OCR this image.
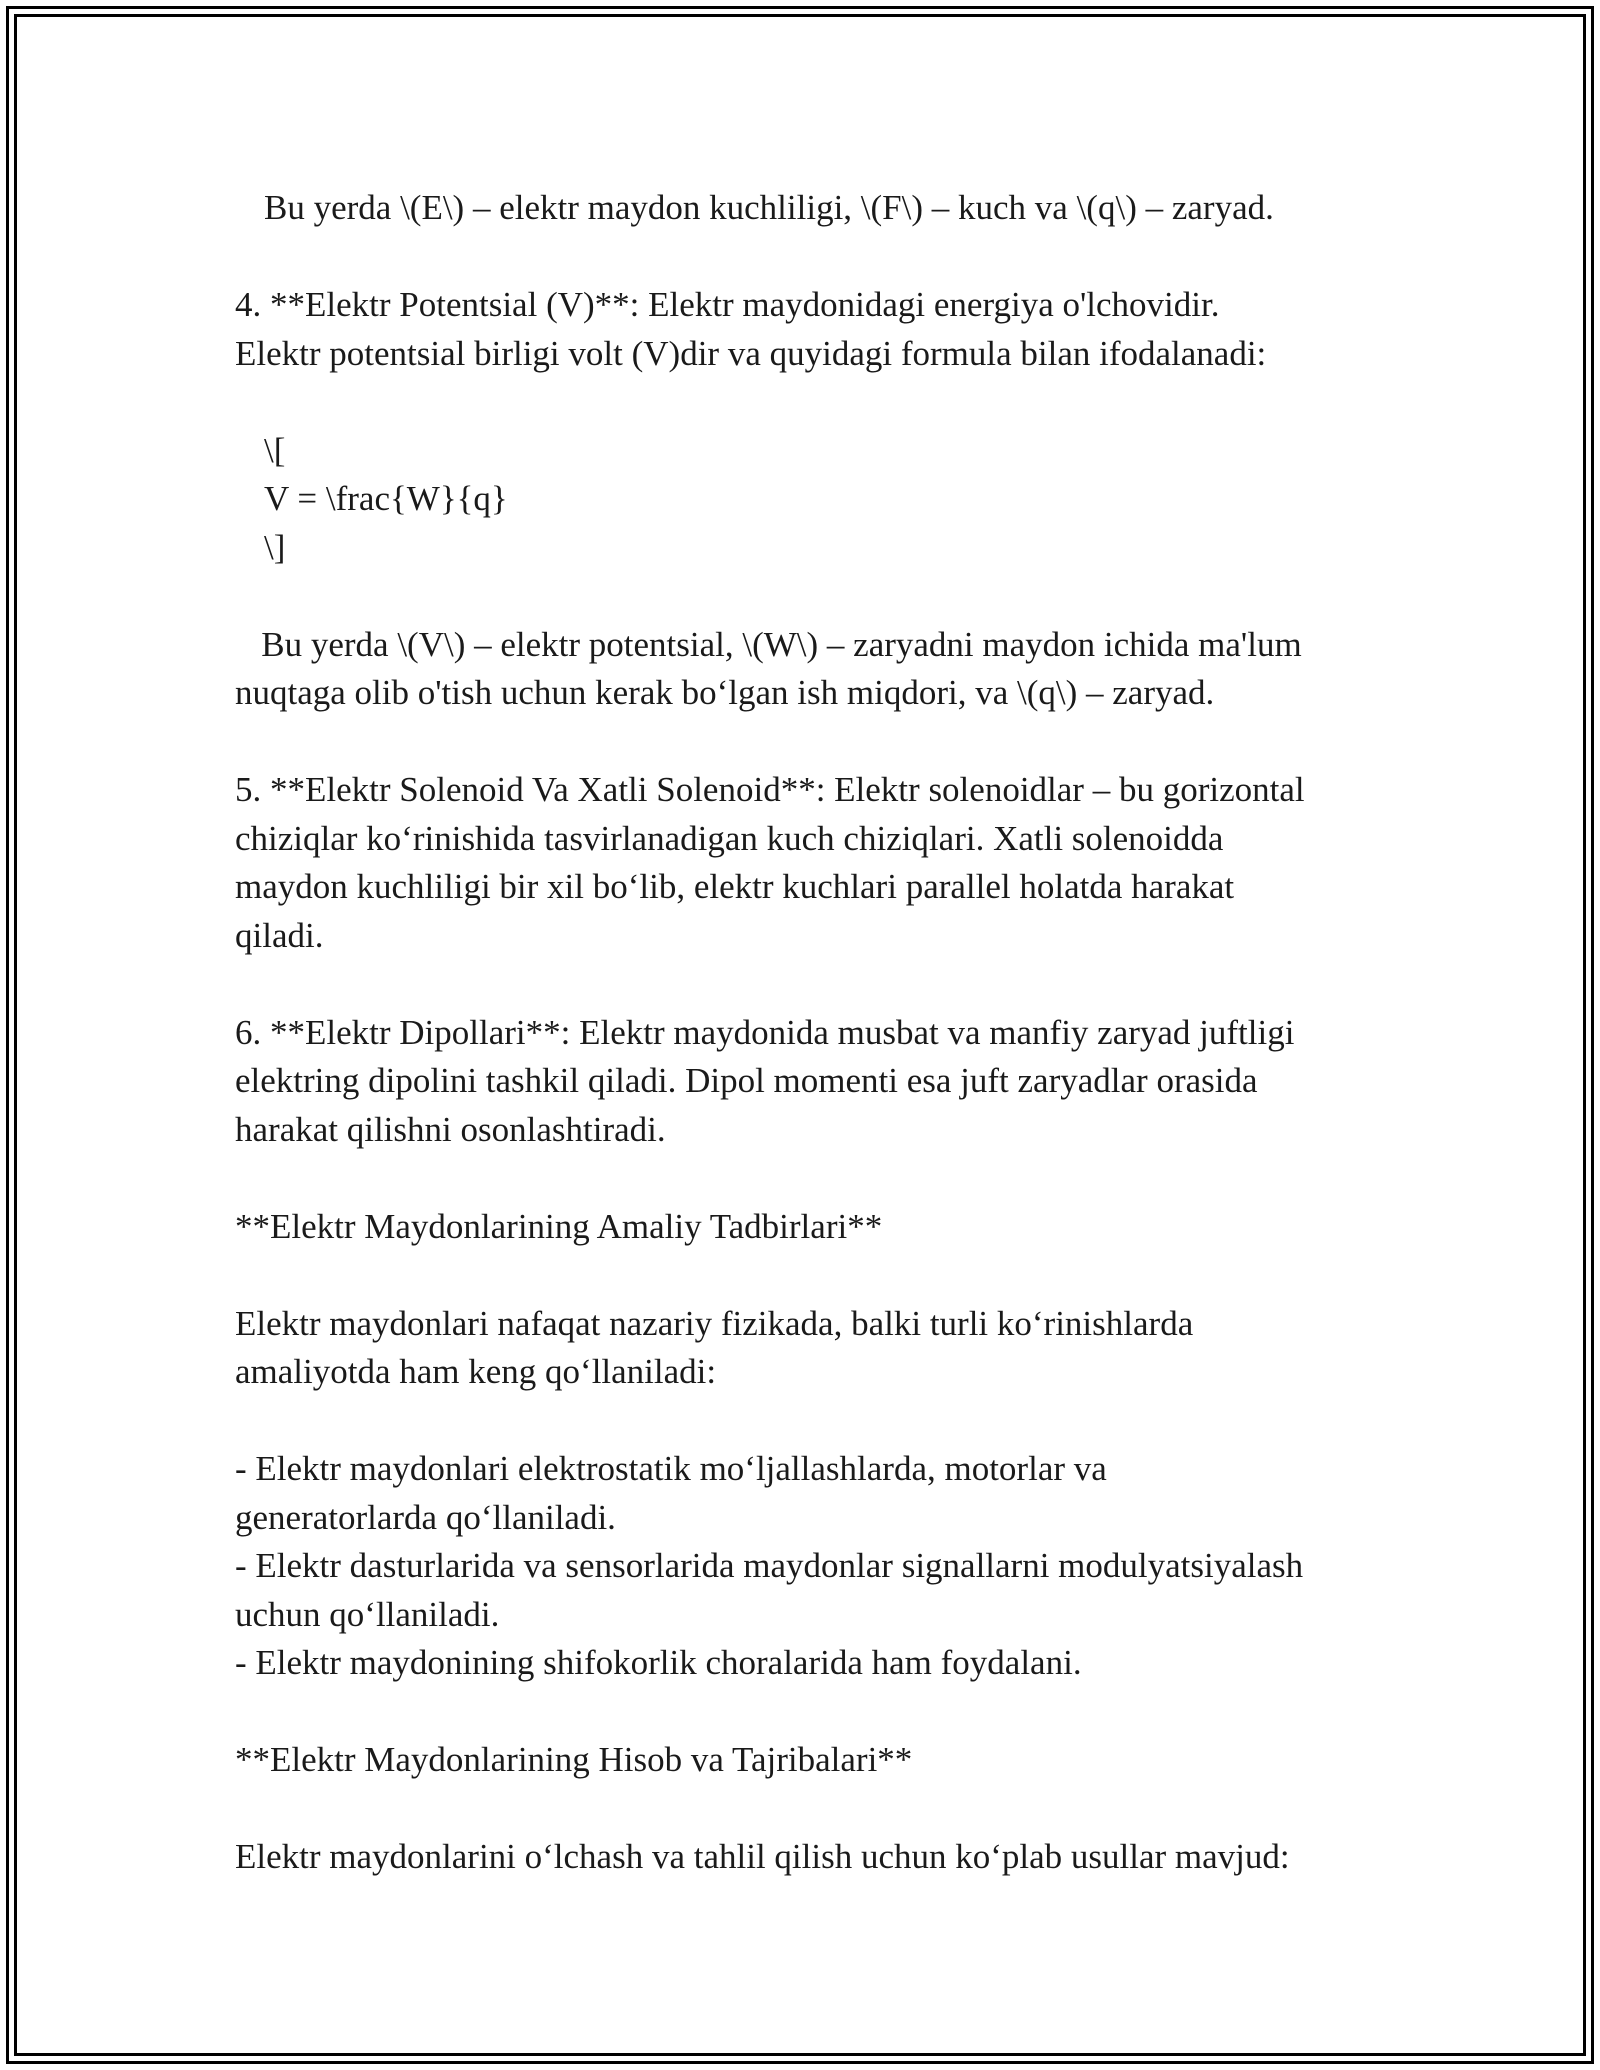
Bu yerda \(E\) – elektr maydon kuchliligi, \(F\) – kuch va \(q\) – zaryad.
4. **Elektr Potentsial (V)**: Elektr maydonidagi energiya o'lchovidir.
Elektr potentsial birligi volt (V)dir va quyidagi formula bilan ifodalanadi:
\[
V = \frac{W}{q}
\]
Bu yerda \(V\) – elektr potentsial, \(W\) – zaryadni maydon ichida ma'lum
nuqtaga olib o'tish uchun kerak bo‘lgan ish miqdori, va \(q\) – zaryad.
5. **Elektr Solenoid Va Xatli Solenoid**: Elektr solenoidlar – bu gorizontal
chiziqlar ko‘rinishida tasvirlanadigan kuch chiziqlari. Xatli solenoidda
maydon kuchliligi bir xil bo‘lib, elektr kuchlari parallel holatda harakat
qiladi.
6. **Elektr Dipollari**: Elektr maydonida musbat va manfiy zaryad juftligi
elektring dipolini tashkil qiladi. Dipol momenti esa juft zaryadlar orasida
harakat qilishni osonlashtiradi.
**Elektr Maydonlarining Amaliy Tadbirlari**
Elektr maydonlari nafaqat nazariy fizikada, balki turli ko‘rinishlarda
amaliyotda ham keng qo‘llaniladi:
- Elektr maydonlari elektrostatik mo‘ljallashlarda, motorlar va
generatorlarda qo‘llaniladi.
- Elektr dasturlarida va sensorlarida maydonlar signallarni modulyatsiyalash
uchun qo‘llaniladi.
- Elektr maydonining shifokorlik choralarida ham foydalani.
**Elektr Maydonlarining Hisob va Tajribalari**
Elektr maydonlarini o‘lchash va tahlil qilish uchun ko‘plab usullar mavjud:
